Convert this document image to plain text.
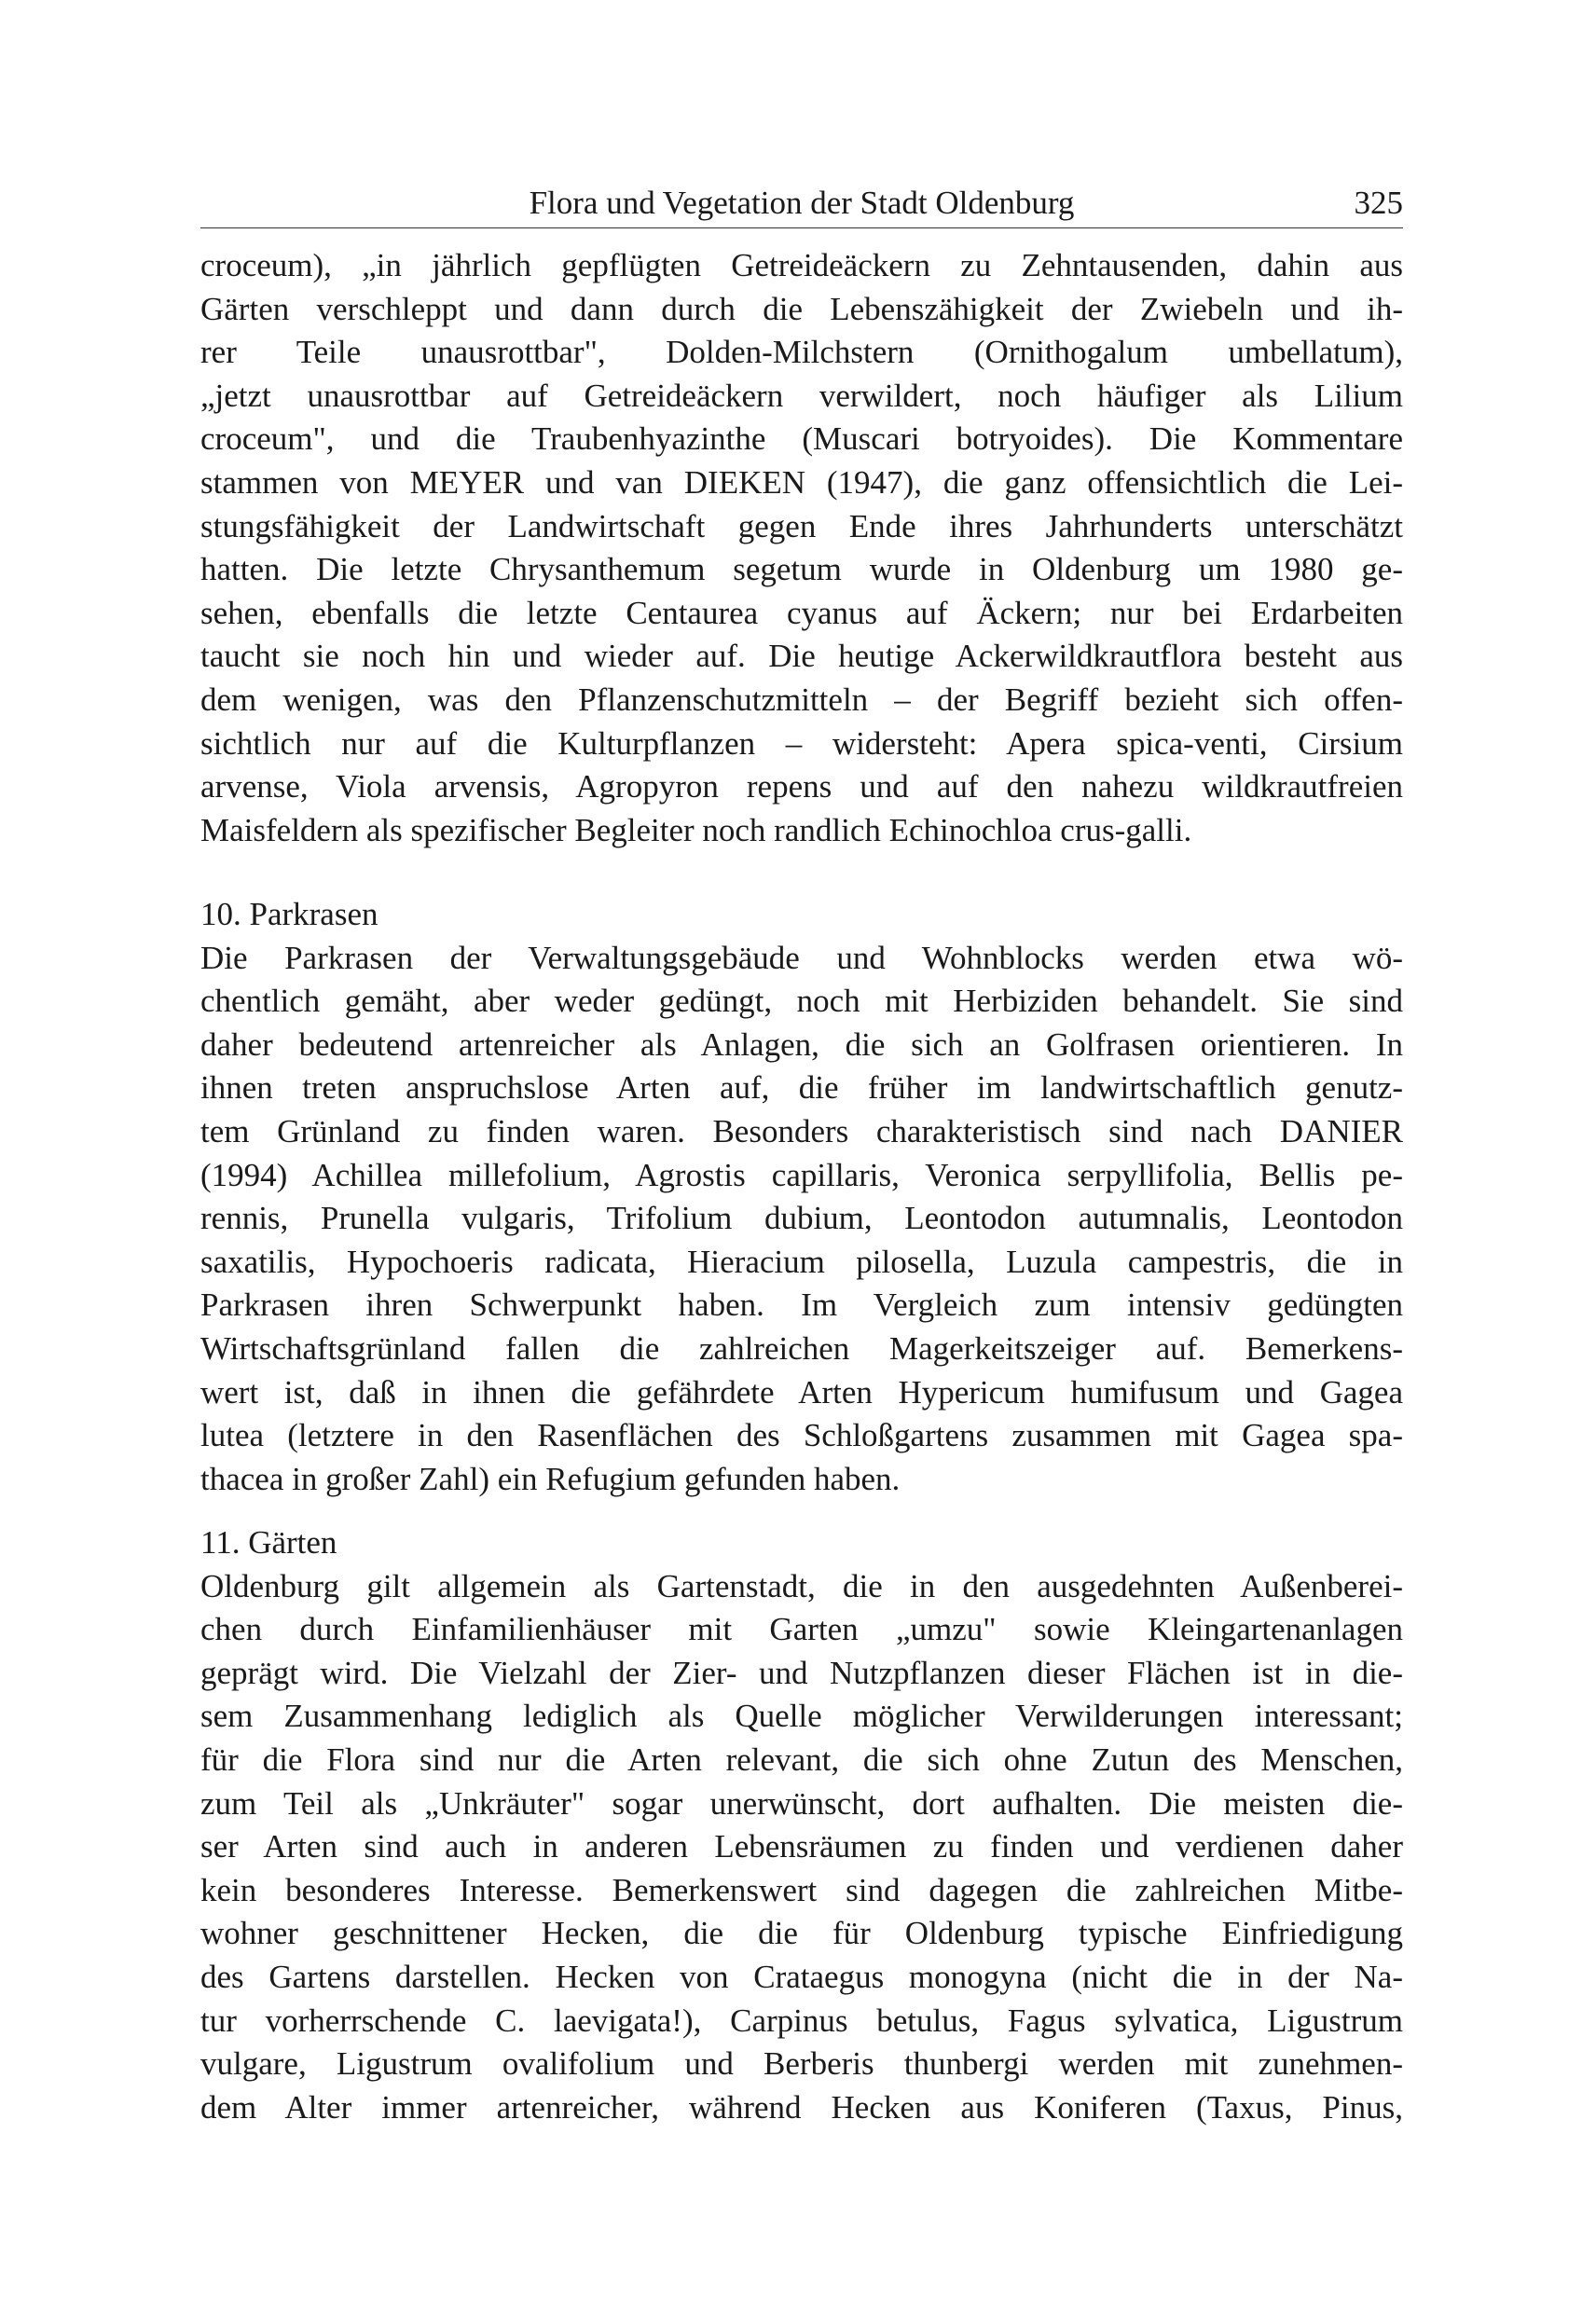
Flora und Vegetation der Stadt Oldenburg	325
croceum), „in jährlich gepflügten Getreideäckern zu Zehntausenden, dahin aus
Gärten verschleppt und dann durch die Lebenszähigkeit der Zwiebeln und ih-
rer Teile unausrottbar", Dolden-Milchstern (Ornithogalum umbellatum),
„jetzt unausrottbar auf Getreideäckern verwildert, noch häufiger als Lilium
croceum", und die Traubenhyazinthe (Muscari botryoides). Die Kommentare
stammen von MEYER und van DIEKEN (1947), die ganz offensichtlich die Lei-
stungsfähigkeit der Landwirtschaft gegen Ende ihres Jahrhunderts unterschätzt
hatten. Die letzte Chrysanthemum segetum wurde in Oldenburg um 1980 ge-
sehen, ebenfalls die letzte Centaurea cyanus auf Äckern; nur bei Erdarbeiten
taucht sie noch hin und wieder auf. Die heutige Ackerwildkrautflora besteht aus
dem wenigen, was den Pflanzenschutzmitteln – der Begriff bezieht sich offen-
sichtlich nur auf die Kulturpflanzen – widersteht: Apera spica-venti, Cirsium
arvense, Viola arvensis, Agropyron repens und auf den nahezu wildkrautfreien
Maisfeldern als spezifischer Begleiter noch randlich Echinochloa crus-galli.
10. Parkrasen
Die Parkrasen der Verwaltungsgebäude und Wohnblocks werden etwa wö-
chentlich gemäht, aber weder gedüngt, noch mit Herbiziden behandelt. Sie sind
daher bedeutend artenreicher als Anlagen, die sich an Golfrasen orientieren. In
ihnen treten anspruchslose Arten auf, die früher im landwirtschaftlich genutz-
tem Grünland zu finden waren. Besonders charakteristisch sind nach DANIER
(1994) Achillea millefolium, Agrostis capillaris, Veronica serpyllifolia, Bellis pe-
rennis, Prunella vulgaris, Trifolium dubium, Leontodon autumnalis, Leontodon
saxatilis, Hypochoeris radicata, Hieracium pilosella, Luzula campestris, die in
Parkrasen ihren Schwerpunkt haben. Im Vergleich zum intensiv gedüngten
Wirtschaftsgrünland fallen die zahlreichen Magerkeitszeiger auf. Bemerkens-
wert ist, daß in ihnen die gefährdete Arten Hypericum humifusum und Gagea
lutea (letztere in den Rasenflächen des Schloßgartens zusammen mit Gagea spa-
thacea in großer Zahl) ein Refugium gefunden haben.
11. Gärten
Oldenburg gilt allgemein als Gartenstadt, die in den ausgedehnten Außenberei-
chen durch Einfamilienhäuser mit Garten „umzu" sowie Kleingartenanlagen
geprägt wird. Die Vielzahl der Zier- und Nutzpflanzen dieser Flächen ist in die-
sem Zusammenhang lediglich als Quelle möglicher Verwilderungen interessant;
für die Flora sind nur die Arten relevant, die sich ohne Zutun des Menschen,
zum Teil als „Unkräuter" sogar unerwünscht, dort aufhalten. Die meisten die-
ser Arten sind auch in anderen Lebensräumen zu finden und verdienen daher
kein besonderes Interesse. Bemerkenswert sind dagegen die zahlreichen Mitbe-
wohner geschnittener Hecken, die die für Oldenburg typische Einfriedigung
des Gartens darstellen. Hecken von Crataegus monogyna (nicht die in der Na-
tur vorherrschende C. laevigata!), Carpinus betulus, Fagus sylvatica, Ligustrum
vulgare, Ligustrum ovalifolium und Berberis thunbergi werden mit zunehmen-
dem Alter immer artenreicher, während Hecken aus Koniferen (Taxus, Pinus,
